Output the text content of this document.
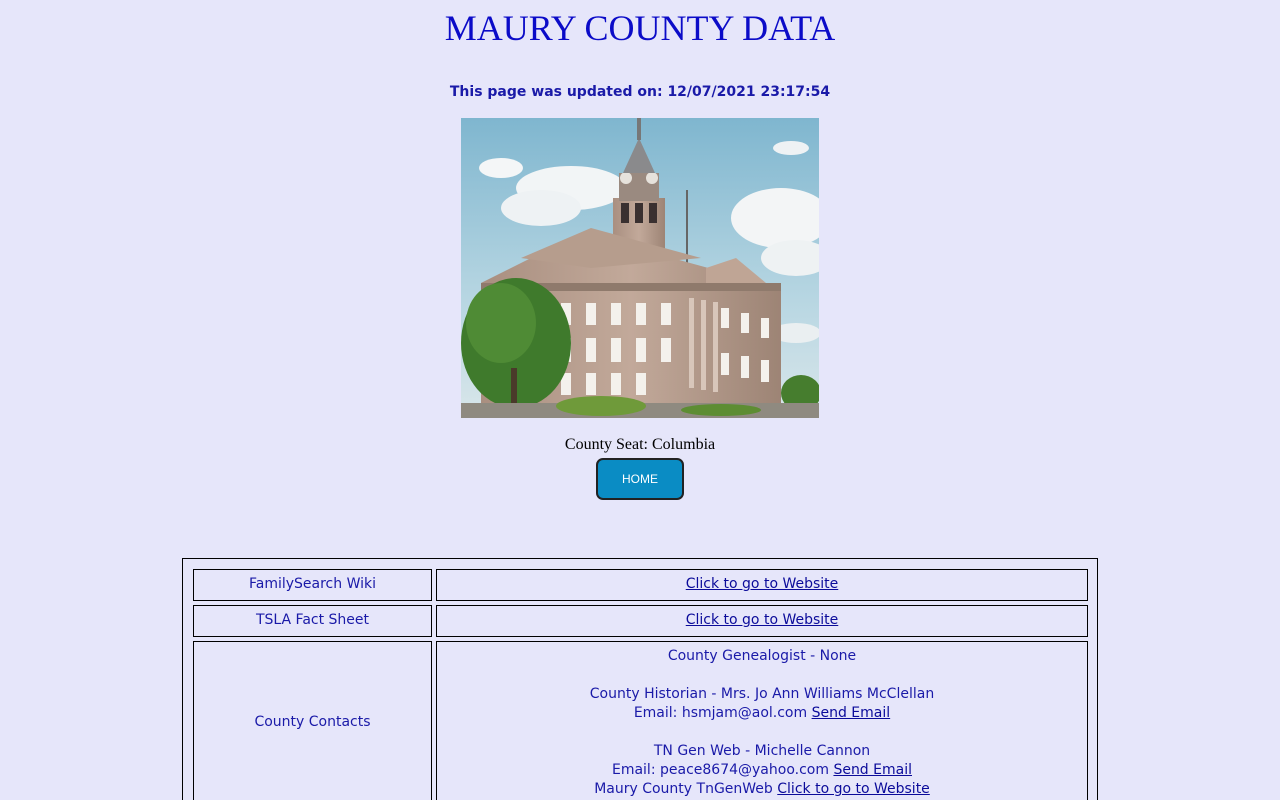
MAURY COUNTY DATA
This page was updated on: 12/07/2021 23:17:54
County Seat: Columbia
HOME
FamilySearch Wiki	Click to go to Website
TSLA Fact Sheet	Click to go to Website
County Contacts
County Genealogist - None
County Historian - Mrs. Jo Ann Williams McClellan
Email: hsmjam@aol.com Send Email
TN Gen Web - Michelle Cannon
Email: peace8674@yahoo.com Send Email
Maury County TnGenWeb Click to go to Website
